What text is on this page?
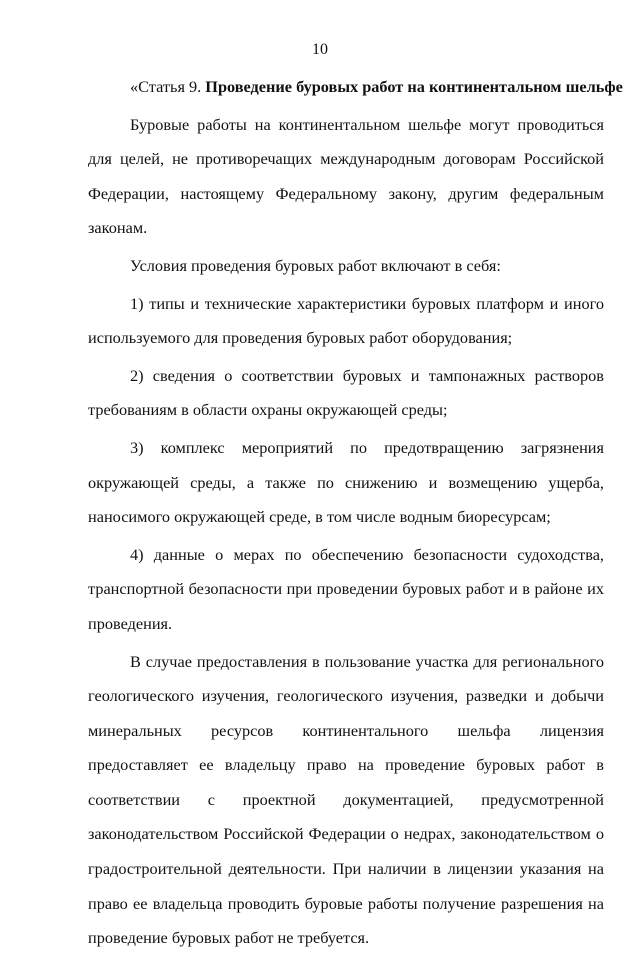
10

«Статья 9. Проведение буровых работ на континентальном шельфе

Буровые работы на континентальном шельфе могут проводиться для целей, не противоречащих международным договорам Российской Федерации, настоящему Федеральному закону, другим федеральным законам.

Условия проведения буровых работ включают в себя:

1) типы и технические характеристики буровых платформ и иного используемого для проведения буровых работ оборудования;

2) сведения о соответствии буровых и тампонажных растворов требованиям в области охраны окружающей среды;

3) комплекс мероприятий по предотвращению загрязнения окружающей среды, а также по снижению и возмещению ущерба, наносимого окружающей среде, в том числе водным биоресурсам;

4) данные о мерах по обеспечению безопасности судоходства, транспортной безопасности при проведении буровых работ и в районе их проведения.

В случае предоставления в пользование участка для регионального геологического изучения, геологического изучения, разведки и добычи минеральных ресурсов континентального шельфа лицензия предоставляет ее владельцу право на проведение буровых работ в соответствии с проектной документацией, предусмотренной законодательством Российской Федерации о недрах, законодательством о градостроительной деятельности. При наличии в лицензии указания на право ее владельца проводить буровые работы получение разрешения на проведение буровых работ не требуется.
